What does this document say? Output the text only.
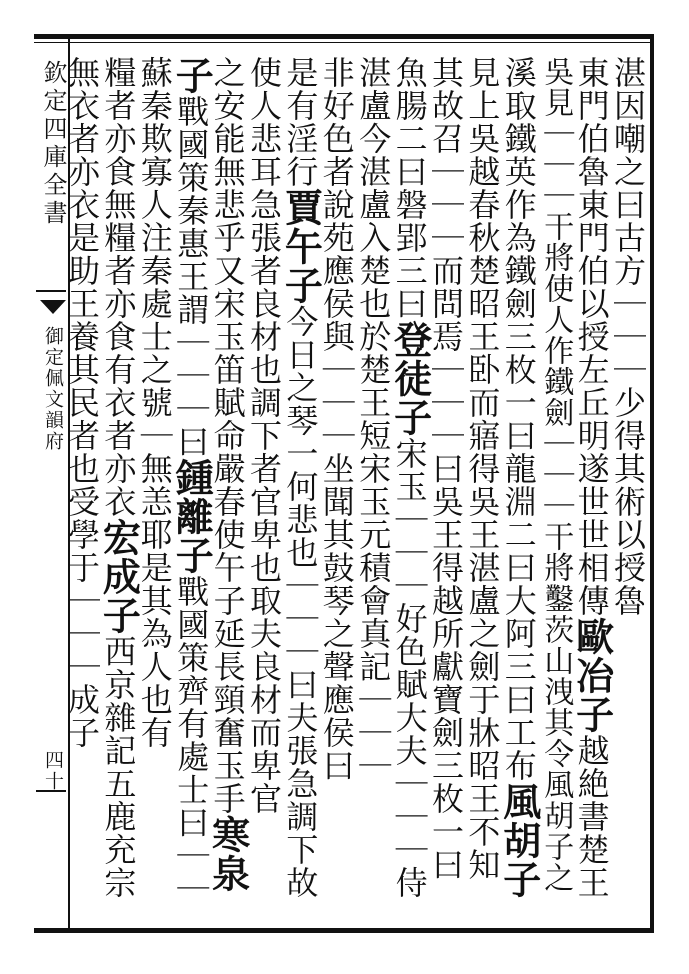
欽定四庫全書
御定佩文韻府
四十
湛因嘲之曰古方｜｜｜少得其術以授魯
東門伯魯東門伯以授左丘明遂世世相傳歐冶子越絶書楚王
吳見｜｜｜干將使人作鐵劍｜｜｜干將鑿茨山洩其令風胡子之
溪取鐵英作為鐵劍三枚一曰龍淵二曰大阿三曰工布風胡子
見上吳越春秋楚昭王卧而寤得吳王湛盧之劍于牀昭王不知
其故召｜｜｜而問焉｜｜｜曰吳王得越所獻寶劍三枚一曰
魚腸二曰磐郢三曰登徒子宋玉｜｜｜好色賦大夫｜｜｜侍
湛盧今湛盧入楚也於楚王短宋玉元積會真記｜｜｜
非好色者說苑應侯與｜｜｜坐聞其鼓琴之聲應侯曰
是有淫行賈午子今日之琴一何悲也｜｜｜曰夫張急調下故
使人悲耳急張者良材也調下者官卑也取夫良材而卑官
之安能無悲乎又宋玉笛賦命嚴春使午子延長頸奮玉手寒泉
子戰國策秦惠王謂｜｜｜曰鍾離子戰國策齊有處士曰｜｜
蘇秦欺寡人注秦處士之號｜無恙耶是其為人也有
糧者亦食無糧者亦食有衣者亦衣宏成子西京雜記五鹿充宗
無衣者亦衣是助王養其民者也受學于｜｜｜成子
